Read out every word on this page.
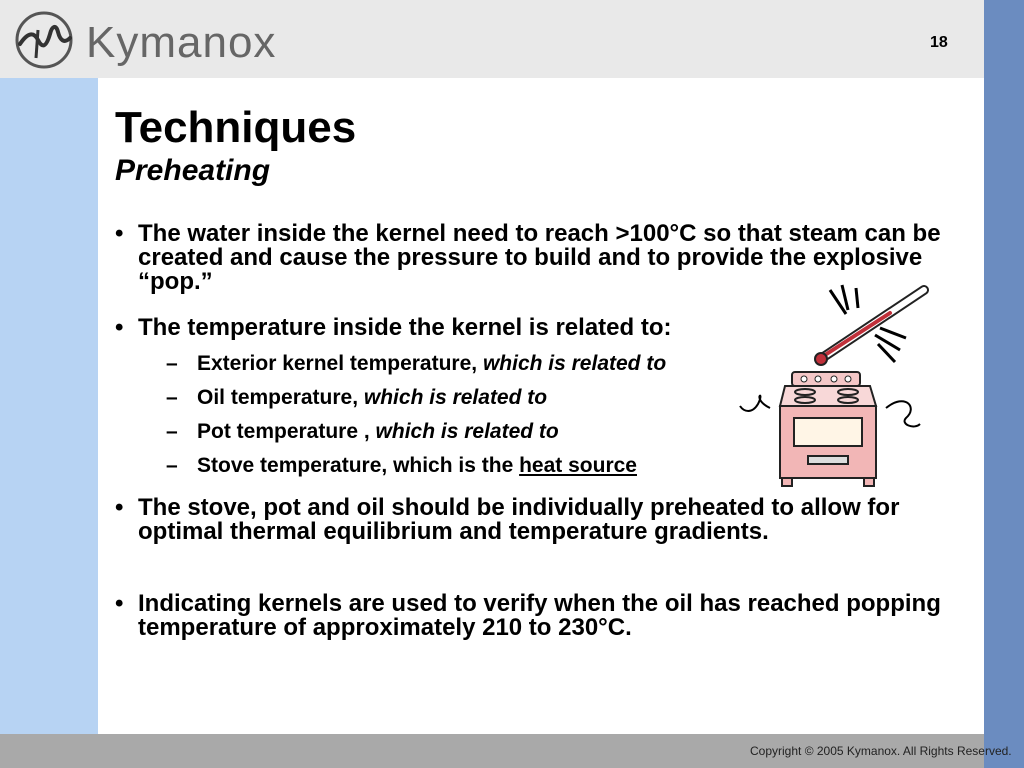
Kymanox	18
Techniques
Preheating
• The water inside the kernel need to reach >100°C so that steam can be created and cause the pressure to build and to provide the explosive “pop.”
• The temperature inside the kernel is related to:
– Exterior kernel temperature, which is related to
– Oil temperature, which is related to
– Pot temperature , which is related to
– Stove temperature, which is the heat source
• The stove, pot and oil should be individually preheated to allow for optimal thermal equilibrium and temperature gradients.
• Indicating kernels are used to verify when the oil has reached popping temperature of approximately 210 to 230°C.
Copyright © 2005 Kymanox. All Rights Reserved.
